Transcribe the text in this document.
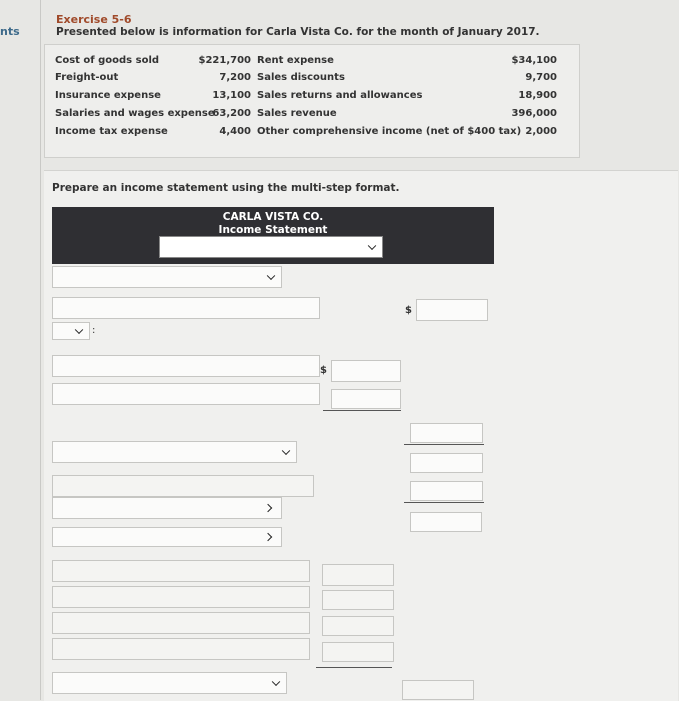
nts
Exercise 5-6
Presented below is information for Carla Vista Co. for the month of January 2017.
Cost of goods sold
Freight-out
Insurance expense
Salaries and wages expense
Income tax expense
$221,700
7,200
13,100
63,200
4,400
Rent expense
Sales discounts
Sales returns and allowances
Sales revenue
Other comprehensive income (net of $400 tax)
$34,100
9,700
18,900
396,000
2,000
Prepare an income statement using the multi-step format.
CARLA VISTA CO.
Income Statement
$
:
$
